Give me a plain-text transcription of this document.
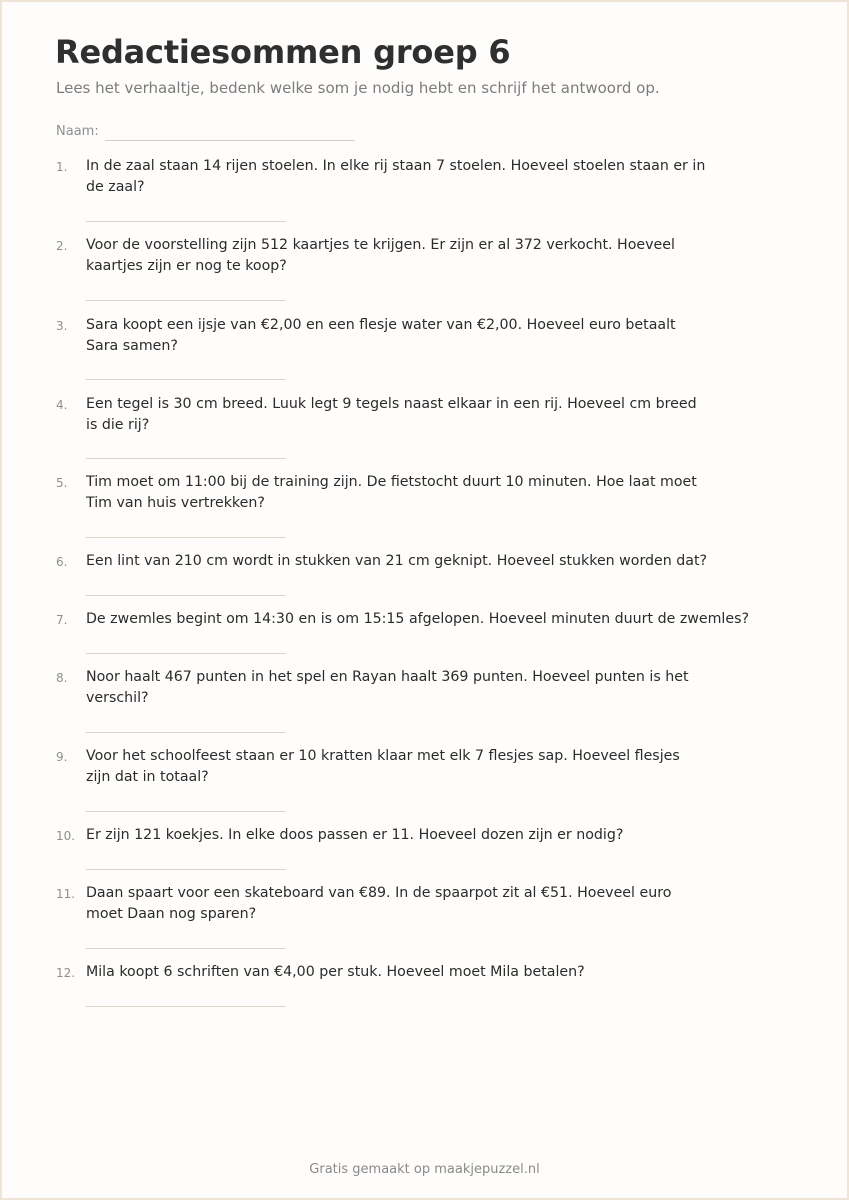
Redactiesommen groep 6

Lees het verhaaltje, bedenk welke som je nodig hebt en schrijf het antwoord op.

Naam:
1. In de zaal staan 14 rijen stoelen. In elke rij staan 7 stoelen. Hoeveel stoelen staan er in de zaal?
2. Voor de voorstelling zijn 512 kaartjes te krijgen. Er zijn er al 372 verkocht. Hoeveel kaartjes zijn er nog te koop?
3. Sara koopt een ijsje van €2,00 en een flesje water van €2,00. Hoeveel euro betaalt Sara samen?
4. Een tegel is 30 cm breed. Luuk legt 9 tegels naast elkaar in een rij. Hoeveel cm breed is die rij?
5. Tim moet om 11:00 bij de training zijn. De fietstocht duurt 10 minuten. Hoe laat moet Tim van huis vertrekken?
6. Een lint van 210 cm wordt in stukken van 21 cm geknipt. Hoeveel stukken worden dat?
7. De zwemles begint om 14:30 en is om 15:15 afgelopen. Hoeveel minuten duurt de zwemles?
8. Noor haalt 467 punten in het spel en Rayan haalt 369 punten. Hoeveel punten is het verschil?
9. Voor het schoolfeest staan er 10 kratten klaar met elk 7 flesjes sap. Hoeveel flesjes zijn dat in totaal?
10. Er zijn 121 koekjes. In elke doos passen er 11. Hoeveel dozen zijn er nodig?
11. Daan spaart voor een skateboard van €89. In de spaarpot zit al €51. Hoeveel euro moet Daan nog sparen?
12. Mila koopt 6 schriften van €4,00 per stuk. Hoeveel moet Mila betalen?
Gratis gemaakt op maakjepuzzel.nl
